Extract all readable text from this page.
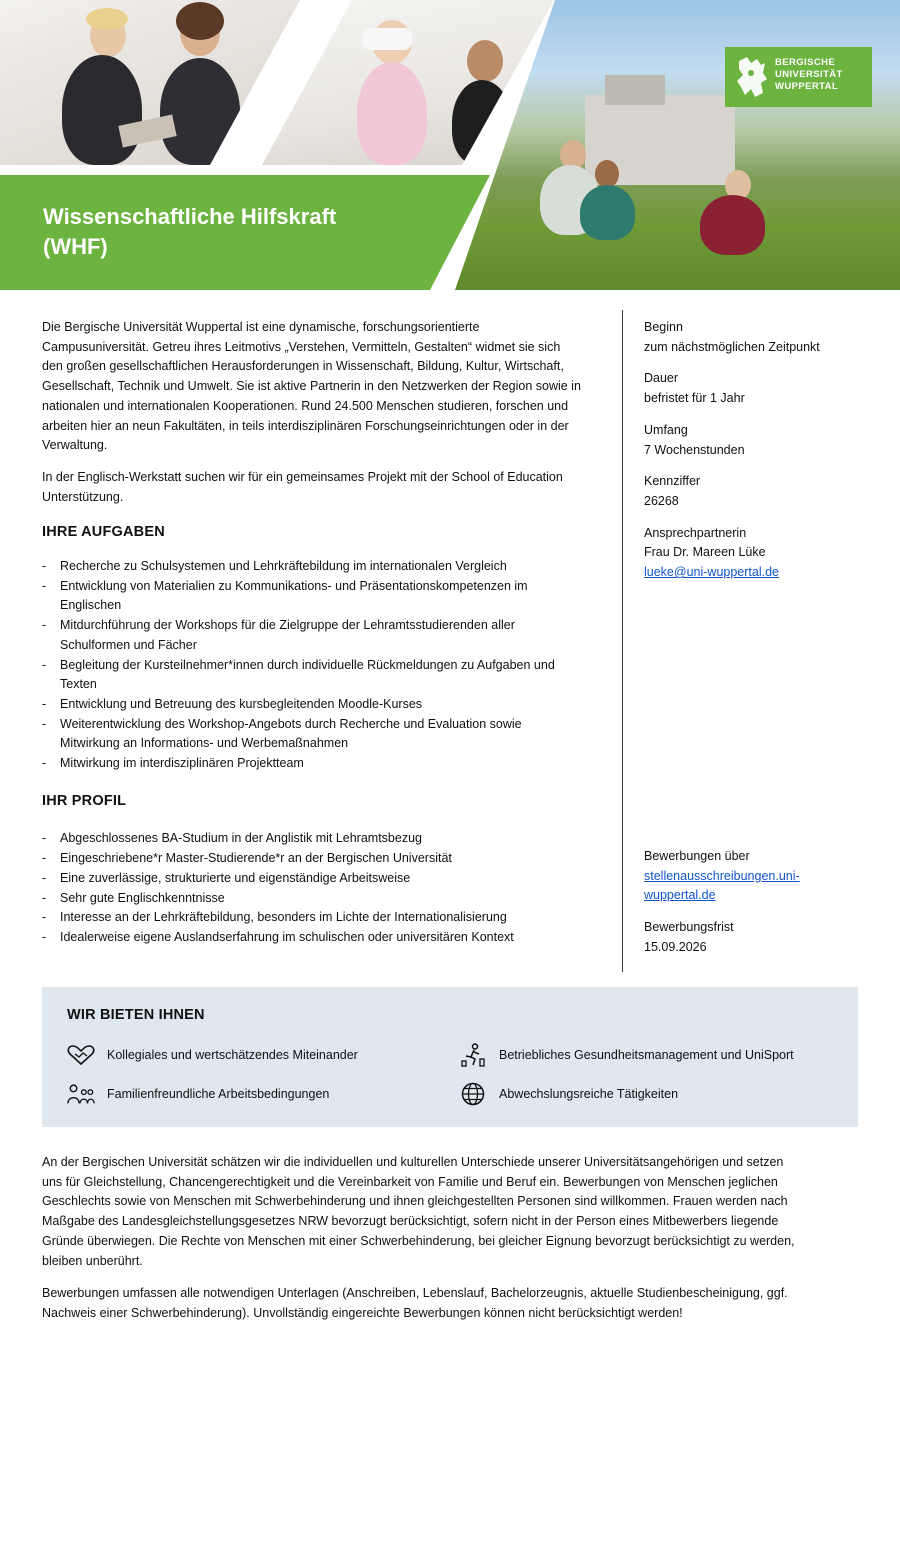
Wissenschaftliche Hilfskraft
(WHF)
BERGISCHE
UNIVERSITÄT
WUPPERTAL

Die Bergische Universität Wuppertal ist eine dynamische, forschungsorientierte Campusuniversität. Getreu ihres Leitmotivs „Verstehen, Vermitteln, Gestalten“ widmet sie sich den großen gesellschaftlichen Herausforderungen in Wissenschaft, Bildung, Kultur, Wirtschaft, Gesellschaft, Technik und Umwelt. Sie ist aktive Partnerin in den Netzwerken der Region sowie in nationalen und internationalen Kooperationen. Rund 24.500 Menschen studieren, forschen und arbeiten hier an neun Fakultäten, in teils interdisziplinären Forschungseinrichtungen oder in der Verwaltung.

In der Englisch-Werkstatt suchen wir für ein gemeinsames Projekt mit der School of Education Unterstützung.

IHRE AUFGABEN
- Recherche zu Schulsystemen und Lehrkräftebildung im internationalen Vergleich
- Entwicklung von Materialien zu Kommunikations- und Präsentationskompetenzen im Englischen
- Mitdurchführung der Workshops für die Zielgruppe der Lehramtsstudierenden aller Schulformen und Fächer
- Begleitung der Kursteilnehmer*innen durch individuelle Rückmeldungen zu Aufgaben und Texten
- Entwicklung und Betreuung des kursbegleitenden Moodle-Kurses
- Weiterentwicklung des Workshop-Angebots durch Recherche und Evaluation sowie Mitwirkung an Informations- und Werbemaßnahmen
- Mitwirkung im interdisziplinären Projektteam
IHR PROFIL
- Abgeschlossenes BA-Studium in der Anglistik mit Lehramtsbezug
- Eingeschriebene*r Master-Studierende*r an der Bergischen Universität
- Eine zuverlässige, strukturierte und eigenständige Arbeitsweise
- Sehr gute Englischkenntnisse
- Interesse an der Lehrkräftebildung, besonders im Lichte der Internationalisierung
- Idealerweise eigene Auslandserfahrung im schulischen oder universitären Kontext
Beginn
zum nächstmöglichen Zeitpunkt
Dauer
befristet für 1 Jahr
Umfang
7 Wochenstunden
Kennziffer
26268
Ansprechpartnerin
Frau Dr. Mareen Lüke
lueke@uni-wuppertal.de
Bewerbungen über
stellenausschreibungen.uni-
wuppertal.de
Bewerbungsfrist
15.09.2026
WIR BIETEN IHNEN
Kollegiales und wertschätzendes Miteinander	Betriebliches Gesundheitsmanagement und UniSport
Familienfreundliche Arbeitsbedingungen	Abwechslungsreiche Tätigkeiten

An der Bergischen Universität schätzen wir die individuellen und kulturellen Unterschiede unserer Universitätsangehörigen und setzen uns für Gleichstellung, Chancengerechtigkeit und die Vereinbarkeit von Familie und Beruf ein. Bewerbungen von Menschen jeglichen Geschlechts sowie von Menschen mit Schwerbehinderung und ihnen gleichgestellten Personen sind willkommen. Frauen werden nach Maßgabe des Landesgleichstellungsgesetzes NRW bevorzugt berücksichtigt, sofern nicht in der Person eines Mitbewerbers liegende Gründe überwiegen. Die Rechte von Menschen mit einer Schwerbehinderung, bei gleicher Eignung bevorzugt berücksichtigt zu werden, bleiben unberührt.

Bewerbungen umfassen alle notwendigen Unterlagen (Anschreiben, Lebenslauf, Bachelorzeugnis, aktuelle Studienbescheinigung, ggf. Nachweis einer Schwerbehinderung). Unvollständig eingereichte Bewerbungen können nicht berücksichtigt werden!
